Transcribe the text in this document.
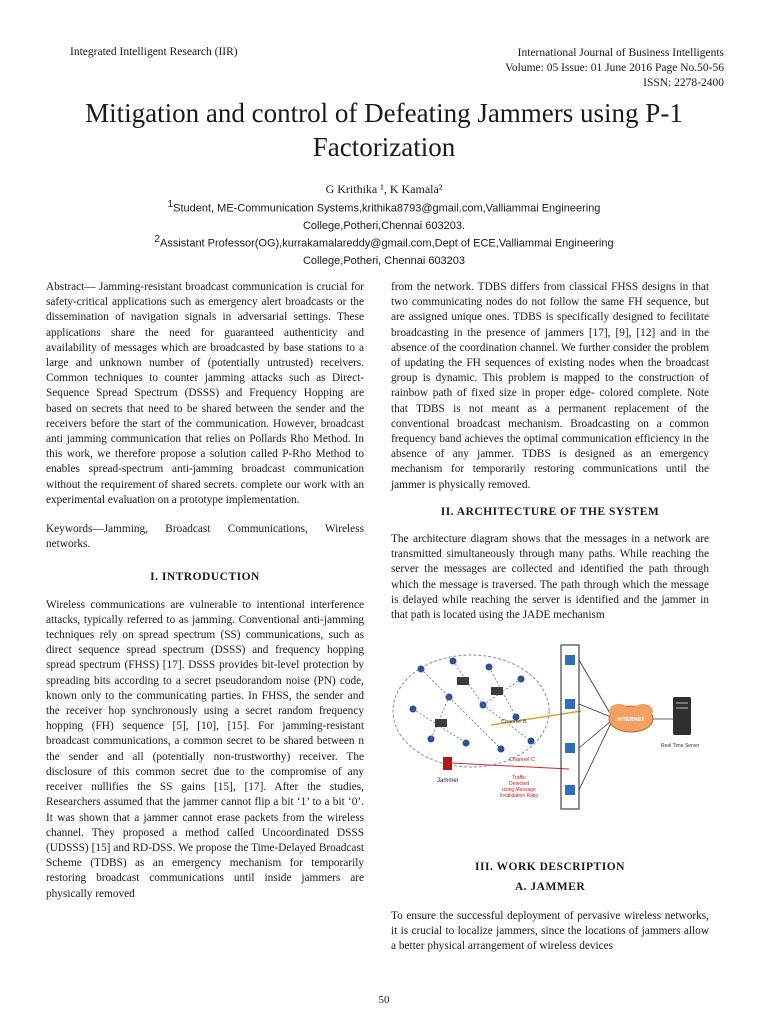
Integrated Intelligent Research (IIR)	International Journal of Business Intelligents
Volume: 05 Issue: 01 June 2016 Page No.50-56
ISSN: 2278-2400
Mitigation and control of Defeating Jammers using P-1
Factorization
G Krithika ¹, K Kamala²
$^1$Student, ME-Communication Systems,krithika8793@gmail.com,Valliammai Engineering
College,Potheri,Chennai 603203.
$^2$Assistant Professor(OG),kurrakamalareddy@gmail.com,Dept of ECE,Valliammai Engineering
College,Potheri, Chennai 603203

Abstract— Jamming-resistant broadcast communication is crucial for safety-critical applications such as emergency alert broadcasts or the dissemination of navigation signals in adversarial settings. These applications share the need for guaranteed authenticity and availability of messages which are broadcasted by base stations to a large and unknown number of (potentially untrusted) receivers. Common techniques to counter jamming attacks such as Direct-Sequence Spread Spectrum (DSSS) and Frequency Hopping are based on secrets that need to be shared between the sender and the receivers before the start of the communication. However, broadcast anti jamming communication that relies on Pollards Rho Method. In this work, we therefore propose a solution called P-Rho Method to enables spread-spectrum anti-jamming broadcast communication without the requirement of shared secrets. complete our work with an experimental evaluation on a prototype implementation.

Keywords—Jamming, Broadcast Communications, Wireless networks.

I. INTRODUCTION

Wireless communications are vulnerable to intentional interference attacks, typically referred to as jamming. Conventional anti-jamming techniques rely on spread spectrum (SS) communications, such as direct sequence spread spectrum (DSSS) and frequency hopping spread spectrum (FHSS) [17]. DSSS provides bit-level protection by spreading bits according to a secret pseudorandom noise (PN) code, known only to the communicating parties. In FHSS, the sender and the receiver hop synchronously using a secret random frequency hopping (FH) sequence [5], [10], [15]. For jamming-resistant broadcast communications, a common secret to be shared between n the sender and all (potentially non-trustworthy) receiver. The disclosure of this common secret due to the compromise of any receiver nullifies the SS gains [15], [17]. After the studies, Researchers assumed that the jammer cannot flip a bit ‘1’ to a bit ‘0’. It was shown that a jammer cannot erase packets from the wireless channel. They proposed a method called Uncoordinated DSSS (UDSSS) [15] and RD-DSS. We propose the Time-Delayed Broadcast Scheme (TDBS) as an emergency mechanism for temporarily restoring broadcast communications until inside jammers are physically removed

from the network. TDBS differs from classical FHSS designs in that two communicating nodes do not follow the same FH sequence, but are assigned unique ones. TDBS is specifically designed to fecilitate broadcasting in the presence of jammers [17], [9], [12] and in the absence of the coordination channel. We further consider the problem of updating the FH sequences of existing nodes when the broadcast group is dynamic. This problem is mapped to the construction of rainbow path of fixed size in proper edge- colored complete. Note that TDBS is not meant as a permanent replacement of the conventional broadcast mechanism. Broadcasting on a common frequency band achieves the optimal communication efficiency in the absence of any jammer. TDBS is designed as an emergency mechanism for temporarily restoring communications until the jammer is physically removed.

II. ARCHITECTURE OF THE SYSTEM

The architecture diagram shows that the messages in a network are transmitted simultaneously through many paths. While reaching the server the messages are collected and identified the path through which the message is traversed. The path through which the message is delayed while reaching the server is identified and the jammer in that path is located using the JADE mechanism

Jammer
Channel B
Channel C
INTERNET
Real Time Server
Traffic
Detected
using Message
Invalidation Ratio

III. WORK DESCRIPTION

A. JAMMER

To ensure the successful deployment of pervasive wireless networks, it is crucial to localize jammers, since the locations of jammers allow a better physical arrangement of wireless devices

50
